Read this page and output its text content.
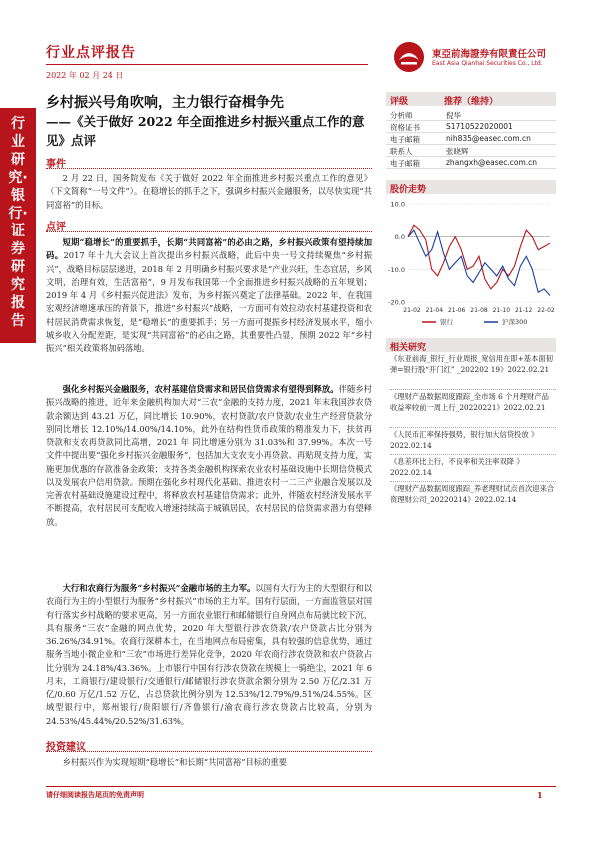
行业点评报告
2022 年 02 月 24 日
東亞前海證券有限責任公司
East Asia Qianhai Securities Co., Ltd.
行业研究·银行·证券研究报告
乡村振兴号角吹响，主力银行奋楫争先
——《关于做好 2022 年全面推进乡村振兴重点工作的意见》点评
事件
2 月 22 日，国务院发布《关于做好 2022 年全面推进乡村振兴重点工作的意见》（下文简称“一号文件”）。在稳增长的抓手之下，强调乡村振兴金融服务，以尽快实现“共同富裕”的目标。
点评
短期“稳增长”的重要抓手，长期“共同富裕”的必由之路，乡村振兴政策有望持续加码。2017 年十九大会议上首次提出乡村振兴战略，此后中央一号文持续聚焦“乡村振兴”，战略目标层层递进，2018 年 2 月明确乡村振兴要求是“产业兴旺，生态宜居，乡风文明，治理有效，生活富裕”，9 月发布我国第一个全面推进乡村振兴战略的五年规划；2019 年 4 月《乡村振兴促进法》发布，为乡村振兴奠定了法律基础。2022 年，在我国宏观经济增速承压的背景下，推进“乡村振兴”战略，一方面可有效拉动农村基建投资和农村居民消费需求恢复，是“稳增长”的重要抓手；另一方面可提振乡村经济发展水平，缩小城乡收入分配差距，是实现“共同富裕”的必由之路，其重要性凸显，预期 2022 年“乡村振兴”相关政策将加码落地。
强化乡村振兴金融服务，农村基建信贷需求和居民信贷需求有望得到释放。伴随乡村振兴战略的推进，近年来金融机构加大对“三农”金融的支持力度，2021 年末我国涉农贷款余额达到 43.21 万亿，同比增长 10.90%，农村贷款/农户贷款/农业生产经营贷款分别同比增长 12.10%/14.00%/14.10%，此外在结构性货币政策的精准发力下，扶贫再贷款和支农再贷款同比高增，2021 年 同比增速分别为 31.03%和 37.99%。本次一号文件中提出要“强化乡村振兴金融服务”，包括加大支农支小再贷款、再贴现支持力度，实施更加优惠的存款准备金政策；支持各类金融机构探索农业农村基础设施中长期信贷模式以及发展农户信用贷款。预期在强化乡村现代化基础、推进农村一二三产业融合发展以及完善农村基础设施建设过程中，将释放农村基建信贷需求；此外，伴随农村经济发展水平不断提高，农村居民可支配收入增速持续高于城镇居民，农村居民的信贷需求潜力有望释放。
大行和农商行为服务“乡村振兴”金融市场的主力军。以国有大行为主的大型银行和以农商行为主的小型银行为服务“乡村振兴”市场的主力军。国有行层面，一方面监管层对国有行落实乡村战略的要求更高，另一方面农业银行和邮储银行自身网点布局就比较下沉，具有服务“三农”金融的网点优势，2020 年大型银行涉农贷款/农户贷款占比分别为 36.26%/34.91%。农商行深耕本土，在当地网点布局密集，具有较强的信息优势，通过服务当地小微企业和“三农”市场进行差异化竞争，2020 年农商行涉农贷款和农户贷款占比分别为 24.18%/43.36%。上市银行中国有行涉农贷款在规模上一骑绝尘，2021 年 6 月末，工商银行/建设银行/交通银行/邮储银行涉农贷款余额分别为 2.50 万亿/2.31 万亿/0.60 万亿/1.52 万亿，占总贷款比例分别为 12.53%/12.79%/9.51%/24.55%。区域型银行中，郑州银行/贵阳银行/齐鲁银行/渝农商行涉农贷款占比较高，分别为 24.53%/45.44%/20.52%/31.63%。
投资建议
乡村振兴作为实现短期“稳增长”和长期“共同富裕”目标的重要
评级	推荐（维持）
分析师	倪华
资格证书	S1710522020001
电子邮箱	nih835@easec.com.cn
联系人	张晓辉
电子邮箱	zhangxh@easec.com.cn
股价走势
10.0
0.0
-10.0
-20.0
21-02 21-04 21-06 21-08 21-10 21-12 22-02
银行	沪深300
相关研究
《东亚前海_银行_行业周报_宽信用在即+基本面韧弹=银行股“开门红” _202202 19》2022.02.21
《理财产品数据周度跟踪_全市场 6 个月理财产品收益率较前一周上行_20220221》2022.02.21
《人民币汇率保持强势，银行加大信贷投放 》2022.02.14
《息差环比上行，不良率和关注率双降 》2022.02.14
《理财产品数据周度跟踪_养老理财试点首次迎来合资理财公司_20220214》2022.02.14
请仔细阅读报告尾页的免责声明	1
